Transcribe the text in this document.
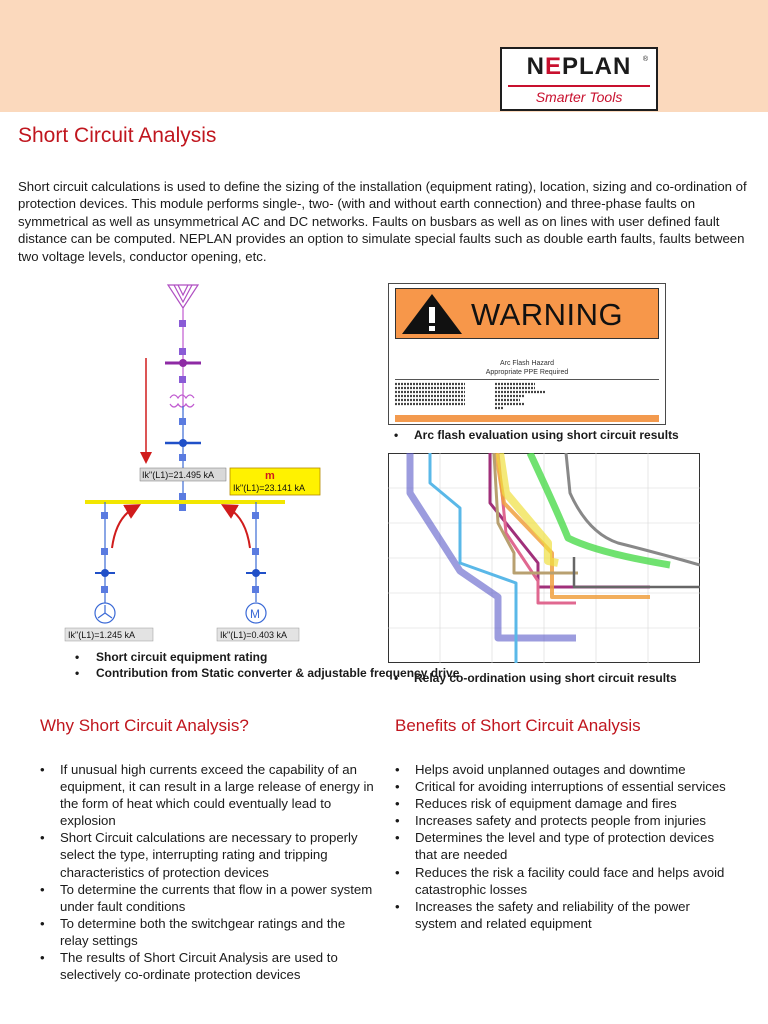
NEPLAN	®
Smarter Tools
Short Circuit Analysis

Short circuit calculations is used to define the sizing of the installation (equipment rating), location, sizing and co-ordination of protection devices. This module performs single-, two- (with and without earth connection) and three-phase faults on symmetrical as well as unsymmetrical AC and DC networks. Faults on busbars as well as on lines with user defined fault distance can be computed. NEPLAN provides an option to simulate special faults such as double earth faults, faults between two voltage levels, conductor opening, etc.

Ik"(L1)=21.495 kA	m
Ik"(L1)=23.141 kA
Ik"(L1)=1.245 kA
M
Ik"(L1)=0.403 kA
• Short circuit equipment rating
• Contribution from Static converter & adjustable frequency drive
WARNING
Arc Flash Hazard
Appropriate PPE Required
• Arc flash evaluation using short circuit results
• Relay co-ordination using short circuit results
Why Short Circuit Analysis?
• If unusual high currents exceed the capability of an equipment, it can result in a large release of energy in the form of heat which could eventually lead to explosion
• Short Circuit calculations are necessary to properly select the type, interrupting rating and tripping characteristics of protection devices
• To determine the currents that flow in a power system under fault conditions
• To determine both the switchgear ratings and the relay settings
• The results of Short Circuit Analysis are used to selectively co-ordinate protection devices
Benefits of Short Circuit Analysis
• Helps avoid unplanned outages and downtime
• Critical for avoiding interruptions of essential services
• Reduces risk of equipment damage and fires
• Increases safety and protects people from injuries
• Determines the level and type of protection devices that are needed
• Reduces the risk a facility could face and helps avoid catastrophic losses
• Increases the safety and reliability of the power system and related equipment
